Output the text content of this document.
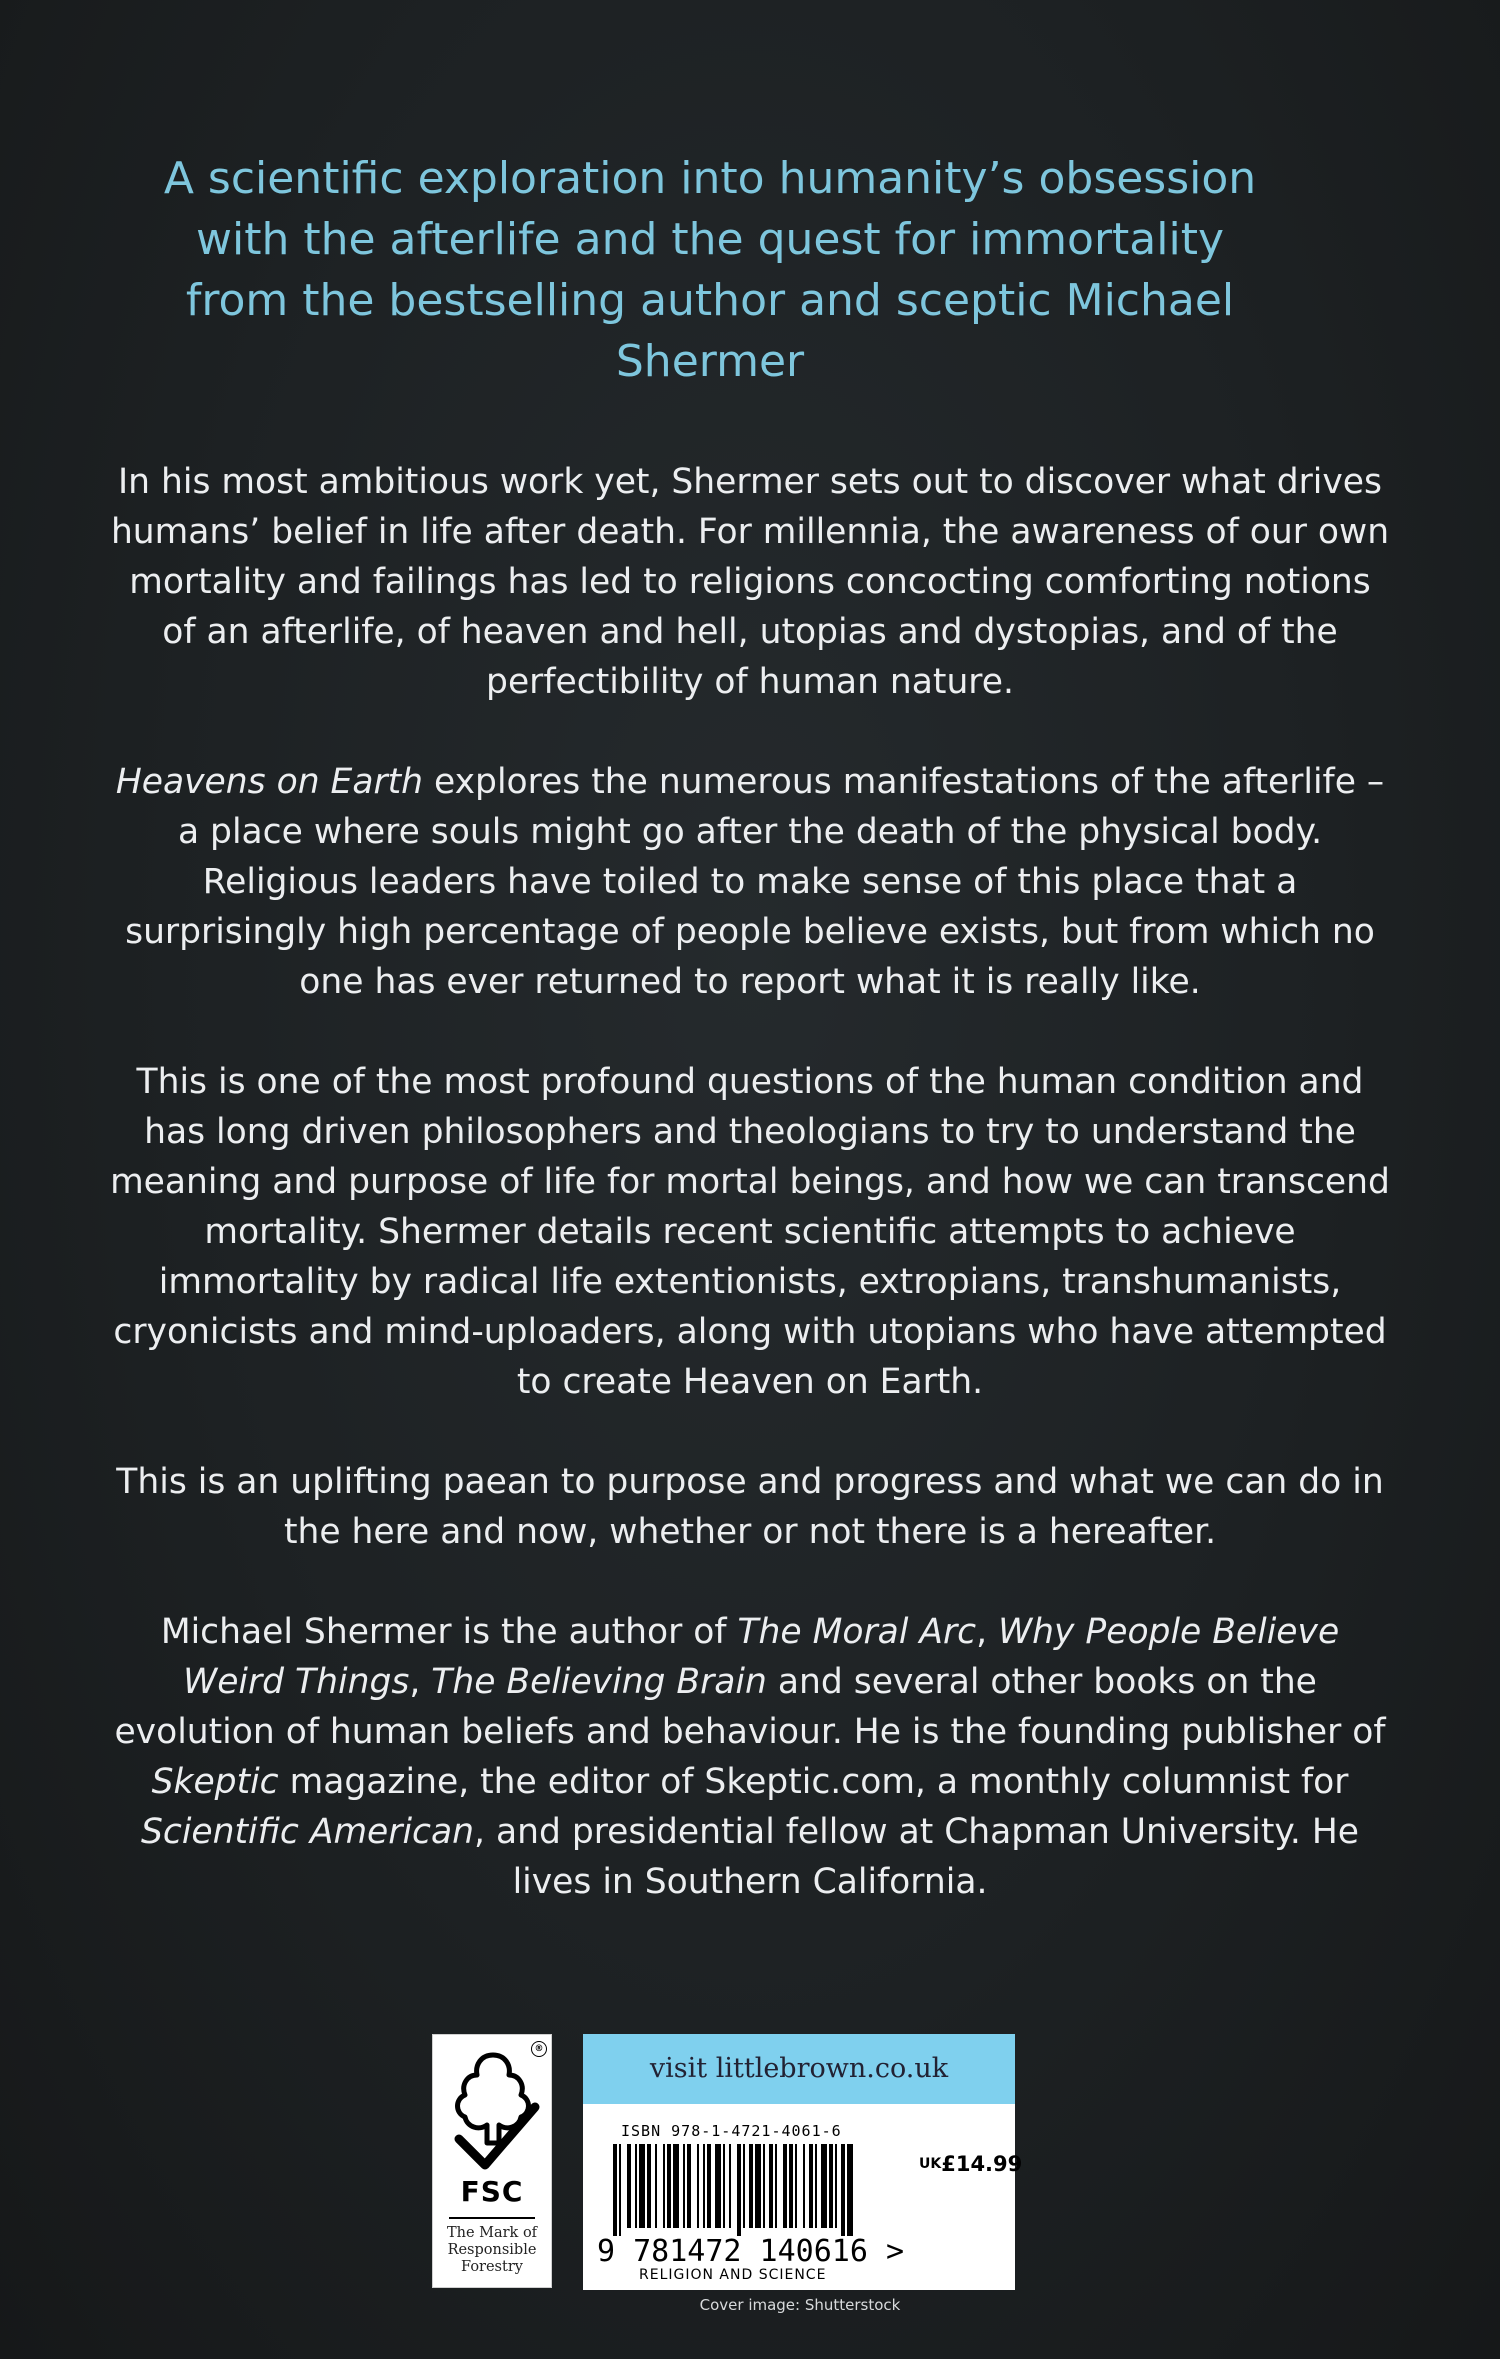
A scientific exploration into humanity’s obsession with the afterlife and the quest for immortality from the bestselling author and sceptic Michael Shermer

In his most ambitious work yet, Shermer sets out to discover what drives humans’ belief in life after death. For millennia, the awareness of our own mortality and failings has led to religions concocting comforting notions of an afterlife, of heaven and hell, utopias and dystopias, and of the perfectibility of human nature.

Heavens on Earth explores the numerous manifestations of the afterlife – a place where souls might go after the death of the physical body. Religious leaders have toiled to make sense of this place that a surprisingly high percentage of people believe exists, but from which no one has ever returned to report what it is really like.

This is one of the most profound questions of the human condition and has long driven philosophers and theologians to try to understand the meaning and purpose of life for mortal beings, and how we can transcend mortality. Shermer details recent scientific attempts to achieve immortality by radical life extentionists, extropians, transhumanists, cryonicists and mind-uploaders, along with utopians who have attempted to create Heaven on Earth.

This is an uplifting paean to purpose and progress and what we can do in the here and now, whether or not there is a hereafter.

Michael Shermer is the author of The Moral Arc, Why People Believe Weird Things, The Believing Brain and several other books on the evolution of human beliefs and behaviour. He is the founding publisher of Skeptic magazine, the editor of Skeptic.com, a monthly columnist for Scientific American, and presidential fellow at Chapman University. He lives in Southern California.

®
FSC
The Mark of
Responsible
Forestry
visit littlebrown.co.uk
ISBN 978-1-4721-4061-6
UK£14.99
9 781472 140616 >
RELIGION AND SCIENCE
Cover image: Shutterstock
